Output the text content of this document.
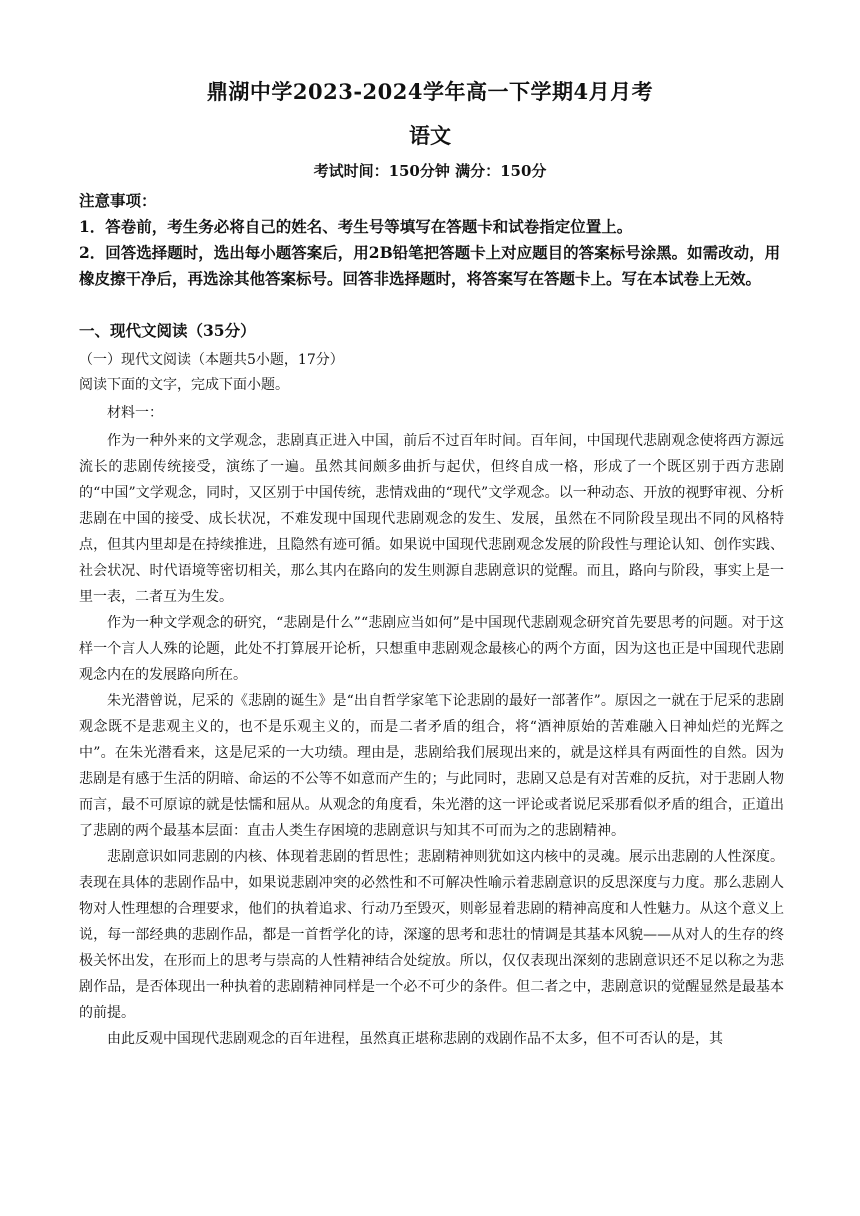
鼎湖中学2023-2024学年高一下学期4月月考
语文
考试时间：150分钟 满分：150分

注意事项：

1．答卷前，考生务必将自己的姓名、考生号等填写在答题卡和试卷指定位置上。

2．回答选择题时，选出每小题答案后，用2B铅笔把答题卡上对应题目的答案标号涂黑。如需改动，用橡皮擦干净后，再选涂其他答案标号。回答非选择题时，将答案写在答题卡上。写在本试卷上无效。

一、现代文阅读（35分）
（一）现代文阅读（本题共5小题，17分）
阅读下面的文字，完成下面小题。
材料一：

作为一种外来的文学观念，悲剧真正进入中国，前后不过百年时间。百年间，中国现代悲剧观念使将西方源远流长的悲剧传统接受，演练了一遍。虽然其间颇多曲折与起伏，但终自成一格，形成了一个既区别于西方悲剧的“中国”文学观念，同时，又区别于中国传统，悲情戏曲的“现代”文学观念。以一种动态、开放的视野审视、分析悲剧在中国的接受、成长状况，不难发现中国现代悲剧观念的发生、发展，虽然在不同阶段呈现出不同的风格特点，但其内里却是在持续推进，且隐然有迹可循。如果说中国现代悲剧观念发展的阶段性与理论认知、创作实践、社会状况、时代语境等密切相关，那么其内在路向的发生则源自悲剧意识的觉醒。而且，路向与阶段，事实上是一里一表，二者互为生发。

作为一种文学观念的研究，“悲剧是什么”“悲剧应当如何”是中国现代悲剧观念研究首先要思考的问题。对于这样一个言人人殊的论题，此处不打算展开论析，只想重申悲剧观念最核心的两个方面，因为这也正是中国现代悲剧观念内在的发展路向所在。

朱光潜曾说，尼采的《悲剧的诞生》是“出自哲学家笔下论悲剧的最好一部著作”。原因之一就在于尼采的悲剧观念既不是悲观主义的，也不是乐观主义的，而是二者矛盾的组合，将“酒神原始的苦难融入日神灿烂的光辉之中”。在朱光潜看来，这是尼采的一大功绩。理由是，悲剧给我们展现出来的，就是这样具有两面性的自然。因为悲剧是有感于生活的阴暗、命运的不公等不如意而产生的；与此同时，悲剧又总是有对苦难的反抗，对于悲剧人物而言，最不可原谅的就是怯懦和屈从。从观念的角度看，朱光潜的这一评论或者说尼采那看似矛盾的组合，正道出了悲剧的两个最基本层面：直击人类生存困境的悲剧意识与知其不可而为之的悲剧精神。

悲剧意识如同悲剧的内核、体现着悲剧的哲思性；悲剧精神则犹如这内核中的灵魂。展示出悲剧的人性深度。表现在具体的悲剧作品中，如果说悲剧冲突的必然性和不可解决性喻示着悲剧意识的反思深度与力度。那么悲剧人物对人性理想的合理要求，他们的执着追求、行动乃至毁灭，则彰显着悲剧的精神高度和人性魅力。从这个意义上说，每一部经典的悲剧作品，都是一首哲学化的诗，深邃的思考和悲壮的情调是其基本风貌——从对人的生存的终极关怀出发，在形而上的思考与崇高的人性精神结合处绽放。所以，仅仅表现出深刻的悲剧意识还不足以称之为悲剧作品，是否体现出一种执着的悲剧精神同样是一个必不可少的条件。但二者之中，悲剧意识的觉醒显然是最基本的前提。

由此反观中国现代悲剧观念的百年进程，虽然真正堪称悲剧的戏剧作品不太多，但不可否认的是，其
